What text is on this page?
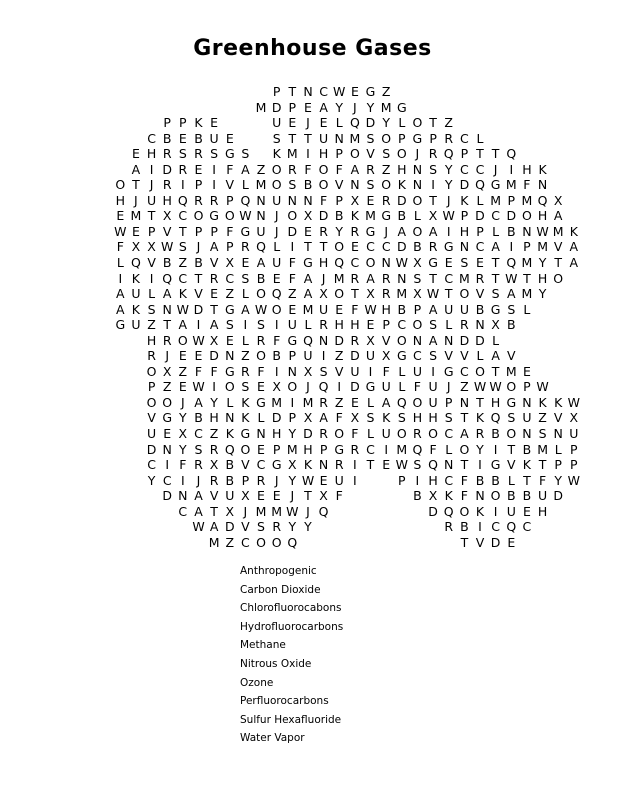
Greenhouse Gases
P T N C W E G Z
M D P E A Y J Y M G
P P K E	U E J E L Q D Y L O T Z
C B E B U E	S T T U N M S O P G P R C L
E H R S R S G S K M I H P O V S O J R Q P T T Q
A I D R E I F A Z O R F O F A R Z H N S Y C C J I H K
O T J R I P I V L M O S B O V N S O K N I Y D Q G M F N
H J U H Q R R P Q N U N N F P X E R D O T J K L M P M Q X
E M T X C O G O W N J O X D B K M G B L X W P D C D O H A
W E P V T P P F G U J D E R Y R G J A O A I H P L B N W M K
F X X W S J A P R Q L I T T O E C C D B R G N C A I P M V A
L Q V B Z B V X E A U F G H Q C O N W X G E S E T Q M Y T A
I K I Q C T R C S B E F A J M R A R N S T C M R T W T H O
A U L A K V E Z L O Q Z A X O T X R M X W T O V S A M Y
A K S N W D T G A W O E M U E F W H B P A U U B G S L
G U Z T A I A S I S I U L R H H E P C O S L R N X B
H R O W X E L R F G Q N D R X V O N A N D D L
R J E E D N Z O B P U I Z D U X G C S V V L A V
O X Z F F G R F I N X S V U I F L U I G C O T M E
P Z E W I O S E X O J Q I D G U L F U J Z W W O P W
O O J A Y L K G M I M R Z E L A Q O U P N T H G N K K W
V G Y B H N K L D P X A F X S K S H H S T K Q S U Z V X
U E X C Z K G N H Y D R O F L U O R O C A R B O N S N U
D N Y S R Q O E P M H P G R C I M Q F L O Y I T B M L P
C I F R X B V C G X K N R I T E W S Q N T I G V K T P P
Y C I J R B P R J Y W E U I	P I H C F B B L T F Y W
D N A V U X E E J T X F	B X K F N O B B U D
C A T X J M M W J Q	D Q O K I U E H
W A D V S R Y Y	R B I C Q C
M Z C O O Q	T V D E
Anthropogenic
Carbon Dioxide
Chlorofluorocabons
Hydrofluorocarbons
Methane
Nitrous Oxide
Ozone
Perfluorocarbons
Sulfur Hexafluoride
Water Vapor
